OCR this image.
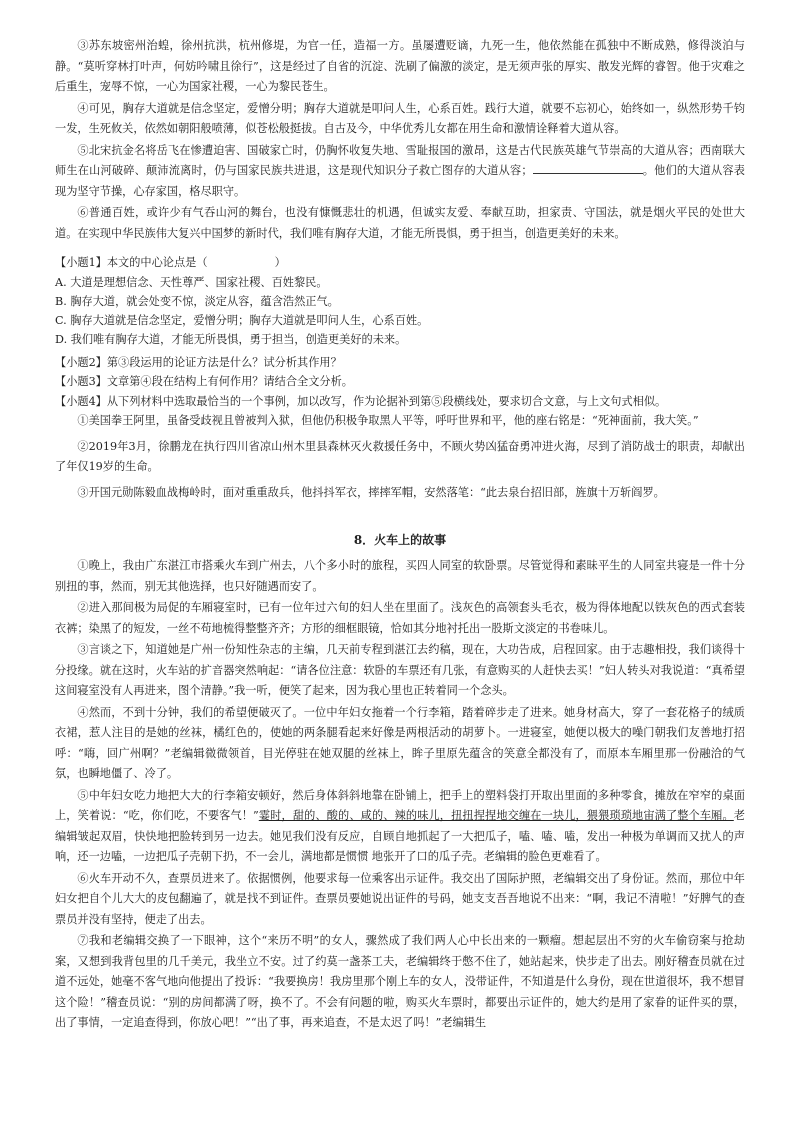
③苏东坡密州治蝗，徐州抗洪，杭州修堤，为官一任，造福一方。虽屡遭贬谪，九死一生，他依然能在孤独中不断成熟，修得淡泊与静。“莫听穿林打叶声，何妨吟啸且徐行”，这是经过了自省的沉淀、洗刷了偏激的淡定，是无须声张的厚实、散发光辉的睿智。他于灾难之后重生，宠辱不惊，一心为国家社稷，一心为黎民苍生。

④可见，胸存大道就是信念坚定，爱憎分明；胸存大道就是叩问人生，心系百姓。践行大道，就要不忘初心，始终如一，纵然形势千钧一发，生死攸关，依然如朝阳般喷薄，似苍松般挺拔。自古及今，中华优秀儿女都在用生命和激情诠释着大道从容。

⑤北宋抗金名将岳飞在惨遭迫害、国破家亡时，仍胸怀收复失地、雪耻报国的激昂，这是古代民族英雄气节崇高的大道从容；西南联大师生在山河破碎、颠沛流离时，仍与国家民族共进退，这是现代知识分子救亡图存的大道从容；	。他们的大道从容表现为坚守节操，心存家国，格尽职守。

⑥普通百姓，或许少有气吞山河的舞台，也没有慷慨悲壮的机遇，但诚实友爱、奉献互助，担家责、守国法，就是烟火平民的处世大道。在实现中华民族伟大复兴中国梦的新时代，我们唯有胸存大道，才能无所畏惧，勇于担当，创造更美好的未来。

【小题1】本文的中心论点是（　　　　　　）

A. 大道是理想信念、天性尊严、国家社稷、百姓黎民。

B. 胸存大道，就会处变不惊，淡定从容，蕴含浩然正气。

C. 胸存大道就是信念坚定，爱憎分明；胸存大道就是叩问人生，心系百姓。

D. 我们唯有胸存大道，才能无所畏惧，勇于担当，创造更美好的未来。

【小题2】第③段运用的论证方法是什么？试分析其作用？

【小题3】文章第④段在结构上有何作用？请结合全文分析。

【小题4】从下列材料中选取最恰当的一个事例，加以改写，作为论据补到第⑤段横线处，要求切合文意，与上文句式相似。

①美国拳王阿里，虽备受歧视且曾被判入狱，但他仍积极争取黑人平等，呼吁世界和平，他的座右铭是：“死神面前，我大笑。”

②2019年3月，徐鹏龙在执行四川省凉山州木里县森林灭火救援任务中，不顾火势凶猛奋勇冲进火海，尽到了消防战士的职责，却献出了年仅19岁的生命。

③开国元勋陈毅血战梅岭时，面对重重敌兵，他抖抖军衣，摔摔军帽，安然落笔：“此去泉台招旧部，旌旗十万斩阎罗。

8．火车上的故事

①晚上，我由广东湛江市搭乘火车到广州去，八个多小时的旅程，买四人同室的软卧票。尽管觉得和素昧平生的人同室共寝是一件十分别扭的事，然而，别无其他选择，也只好随遇而安了。

②进入那间极为局促的车厢寝室时，已有一位年过六旬的妇人坐在里面了。浅灰色的高领套头毛衣，极为得体地配以铁灰色的西式套装衣裤；染黑了的短发，一丝不苟地梳得整整齐齐；方形的细框眼镜，恰如其分地衬托出一股斯文淡定的书卷味儿。

③言谈之下，知道她是广州一份知性杂志的主编，几天前专程到湛江去约稿，现在，大功告成，启程回家。由于志趣相投，我们谈得十分投缘。就在这时，火车站的扩音器突然响起：“请各位注意：软卧的车票还有几张，有意购买的人赶快去买！”妇人转头对我说道：“真希望这间寝室没有人再进来，图个清静。”我一听，便笑了起来，因为我心里也正转着同一个念头。

④然而，不到十分钟，我们的希望便破灭了。一位中年妇女拖着一个行李箱，踏着碎步走了进来。她身材高大，穿了一套花格子的绒质衣裙，惹人注目的是她的丝袜，橘红色的，使她的两条腿看起来好像是两根活动的胡萝卜。一进寝室，她便以极大的噪门朝我们友善地打招呼：“嗨，回广州啊？”老编辑微微领首，目光停驻在她双腿的丝袜上，眸子里原先蕴含的笑意全都没有了，而原本车厢里那一份融洽的气氛，也瞬地僵了、冷了。

⑤中年妇女吃力地把大大的行李箱安顿好，然后身体斜斜地靠在卧铺上，把手上的塑料袋打开取出里面的多种零食，摊放在窄窄的桌面上，笑着说：“吃，你们吃，不要客气！”霎时，甜的、酸的、咸的、辣的味儿，扭扭捏捏地交缠在一块儿，猥猥琐琐地宙满了整个车厢。老编辑皱起双眉，快快地把脸转到另一边去。她见我们没有反应，自顾自地抓起了一大把瓜子，嗑、嗑、嗑，发出一种极为单调而又扰人的声响，还一边嗑，一边把瓜子壳朝下扔，不一会儿，满地都是惯惯 地张开了口的瓜子壳。老编辑的脸色更难看了。

⑥火车开动不久，查票员进来了。依据惯例，他要求每一位乘客出示证件。我交出了国际护照，老编辑交出了身份证。然而，那位中年妇女把自个儿大大的皮包翻遍了，就是找不到证件。查票员要她说出证件的号码，她支支吾吾地说不出来：“啊，我记不清啦！”好脾气的查票员并没有坚持，便走了出去。

⑦我和老编辑交换了一下眼神，这个“来历不明”的女人，骤然成了我们两人心中长出来的一颗瘤。想起层出不穷的火车偷窃案与抢劫案，又想到我背包里的几千美元，我坐立不安。过了约莫一盏茶工夫，老编辑终于憋不住了，她站起来，快步走了出去。刚好稽查员就在过道不远处，她毫不客气地向他提出了投诉：“我要换房！我房里那个刚上车的女人，没带证件，不知道是什么身份，现在世道很坏，我不想冒这个险！”稽查员说：“别的房间都满了呀，换不了。不会有问题的啦，购买火车票时，都要出示证件的，她大约是用了家眷的证件买的票，出了事情，一定追查得到，你放心吧！”“出了事，再来追查，不是太迟了吗！”老编辑生
